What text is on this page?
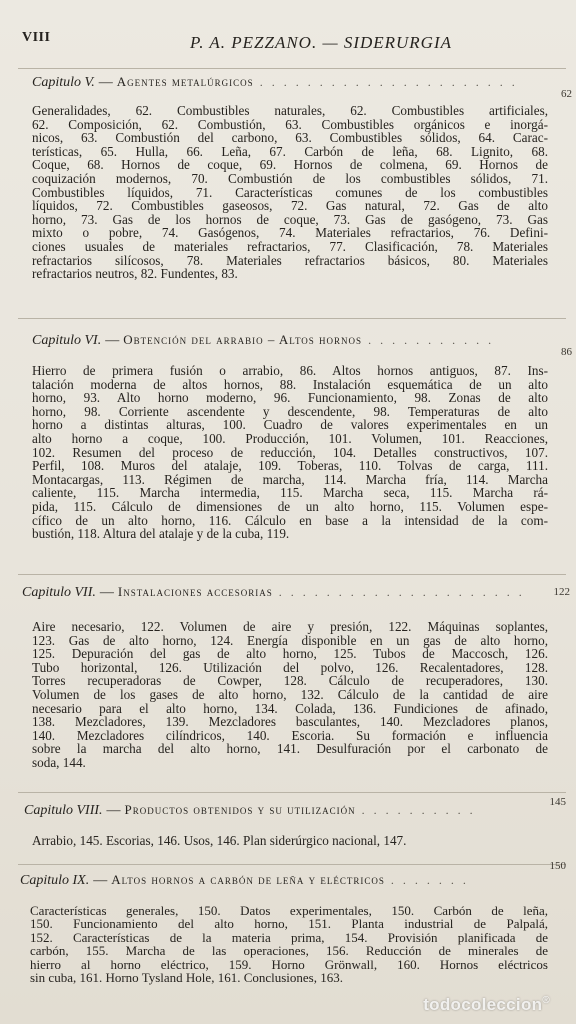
VIII	P. A. PEZZANO. — SIDERURGIA
Capitulo V. — Agentes metalúrgicos . . . . . . . . . . . . . . . . . . . . . .
62
Generalidades, 62. Combustibles naturales, 62. Combustibles artificiales,
62. Composición, 62. Combustión, 63. Combustibles orgánicos e inorgá-
nicos, 63. Combustión del carbono, 63. Combustibles sólidos, 64. Carac-
terísticas, 65. Hulla, 66. Leña, 67. Carbón de leña, 68. Lignito, 68.
Coque, 68. Hornos de coque, 69. Hornos de colmena, 69. Hornos de
coquización modernos, 70. Combustión de los combustibles sólidos, 71.
Combustibles líquidos, 71. Características comunes de los combustibles
líquidos, 72. Combustibles gaseosos, 72. Gas natural, 72. Gas de alto
horno, 73. Gas de los hornos de coque, 73. Gas de gasógeno, 73. Gas
mixto o pobre, 74. Gasógenos, 74. Materiales refractarios, 76. Defini-
ciones usuales de materiales refractarios, 77. Clasificación, 78. Materiales
refractarios silícosos, 78. Materiales refractarios básicos, 80. Materiales
refractarios neutros, 82. Fundentes, 83.
Capitulo VI. — Obtención del arrabio – Altos hornos . . . . . . . . . . .
86
Hierro de primera fusión o arrabio, 86. Altos hornos antiguos, 87. Ins-
talación moderna de altos hornos, 88. Instalación esquemática de un alto
horno, 93. Alto horno moderno, 96. Funcionamiento, 98. Zonas de alto
horno, 98. Corriente ascendente y descendente, 98. Temperaturas de alto
horno a distintas alturas, 100. Cuadro de valores experimentales en un
alto horno a coque, 100. Producción, 101. Volumen, 101. Reacciones,
102. Resumen del proceso de reducción, 104. Detalles constructivos, 107.
Perfil, 108. Muros del atalaje, 109. Toberas, 110. Tolvas de carga, 111.
Montacargas, 113. Régimen de marcha, 114. Marcha fría, 114. Marcha
caliente, 115. Marcha intermedia, 115. Marcha seca, 115. Marcha rá-
pida, 115. Cálculo de dimensiones de un alto horno, 115. Volumen espe-
cífico de un alto horno, 116. Cálculo en base a la intensidad de la com-
bustión, 118. Altura del atalaje y de la cuba, 119.
Capitulo VII. — Instalaciones accesorias . . . . . . . . . . . . . . . . . . . . .	122
Aire necesario, 122. Volumen de aire y presión, 122. Máquinas soplantes,
123. Gas de alto horno, 124. Energía disponible en un gas de alto horno,
125. Depuración del gas de alto horno, 125. Tubos de Maccosch, 126.
Tubo horizontal, 126. Utilización del polvo, 126. Recalentadores, 128.
Torres recuperadoras de Cowper, 128. Cálculo de recuperadores, 130.
Volumen de los gases de alto horno, 132. Cálculo de la cantidad de aire
necesario para el alto horno, 134. Colada, 136. Fundiciones de afinado,
138. Mezcladores, 139. Mezcladores basculantes, 140. Mezcladores planos,
140. Mezcladores cilíndricos, 140. Escoria. Su formación e influencia
sobre la marcha del alto horno, 141. Desulfuración por el carbonato de
soda, 144.
Capitulo VIII. — Productos obtenidos y su utilización . . . . . . . . . .
145
Arrabio, 145. Escorias, 146. Usos, 146. Plan siderúrgico nacional, 147.
Capitulo IX. — Altos hornos a carbón de leña y eléctricos . . . . . . .
150
Características generales, 150. Datos experimentales, 150. Carbón de leña,
150. Funcionamiento del alto horno, 151. Planta industrial de Palpalá,
152. Características de la materia prima, 154. Provisión planificada de
carbón, 155. Marcha de las operaciones, 156. Reducción de minerales de
hierro al horno eléctrico, 159. Horno Grönwall, 160. Hornos eléctricos
sin cuba, 161. Horno Tysland Hole, 161. Conclusiones, 163.
todocoleccion®
